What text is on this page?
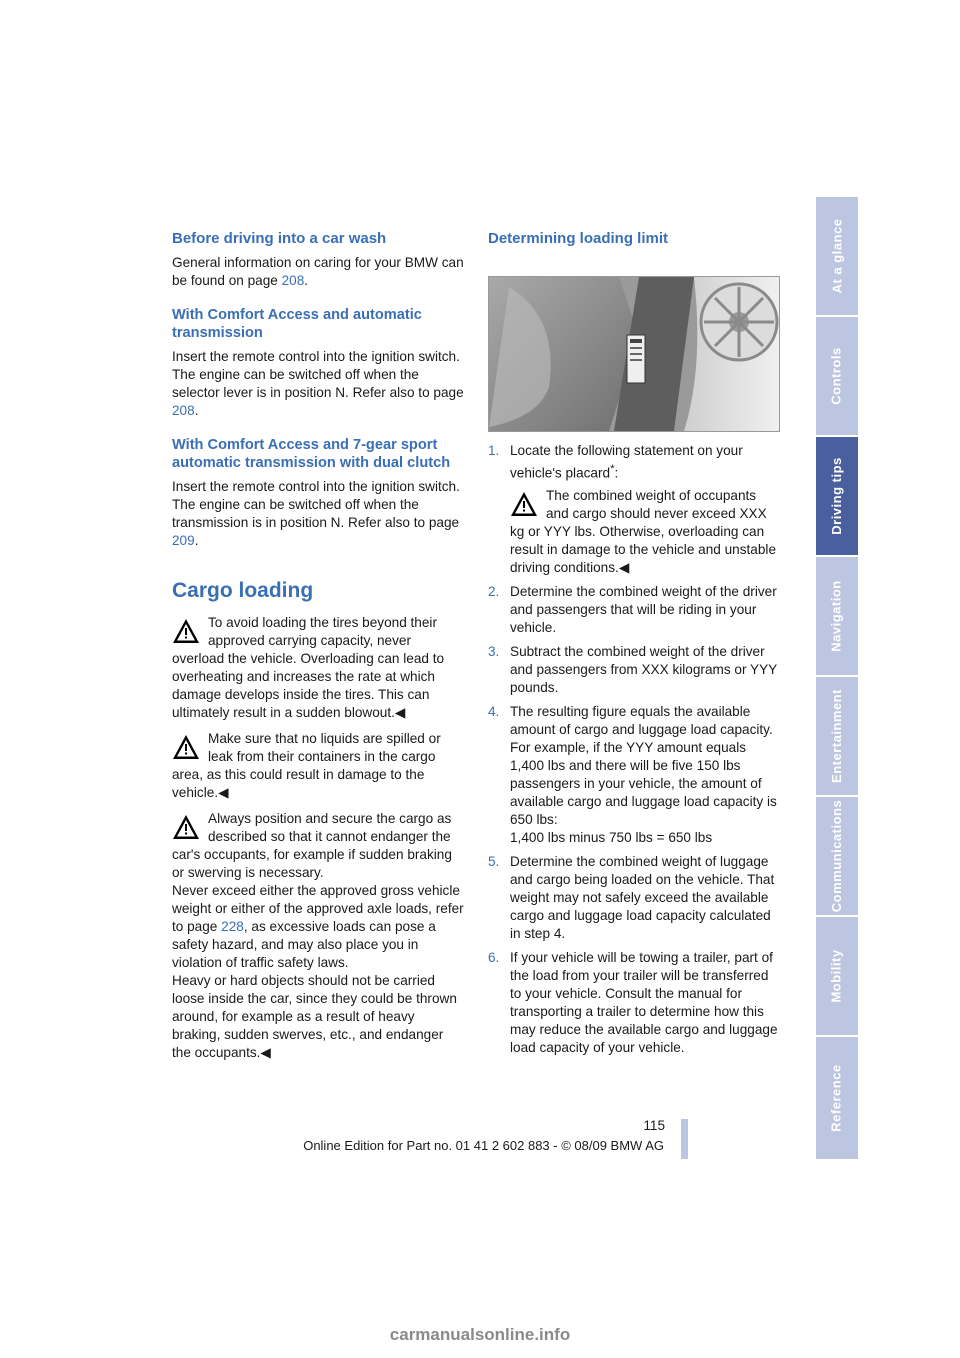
Before driving into a car wash

General information on caring for your BMW can be found on page 208.

With Comfort Access and automatic transmission

Insert the remote control into the ignition switch.

The engine can be switched off when the selector lever is in position N. Refer also to page 208.

With Comfort Access and 7-gear sport automatic transmission with dual clutch

Insert the remote control into the ignition switch.

The engine can be switched off when the transmission is in position N. Refer also to page 209.

Cargo loading

To avoid loading the tires beyond their approved carrying capacity, never overload the vehicle. Overloading can lead to overheating and increases the rate at which damage develops inside the tires. This can ultimately result in a sudden blowout.◀

Make sure that no liquids are spilled or leak from their containers in the cargo area, as this could result in damage to the vehicle.◀

Always position and secure the cargo as described so that it cannot endanger the car's occupants, for example if sudden braking or swerving is necessary.

Never exceed either the approved gross vehicle weight or either of the approved axle loads, refer to page 228, as excessive loads can pose a safety hazard, and may also place you in violation of traffic safety laws.

Heavy or hard objects should not be carried loose inside the car, since they could be thrown around, for example as a result of heavy braking, sudden swerves, etc., and endanger the occupants.◀

Determining loading limit
1. Locate the following statement on your vehicle's placard*:

The combined weight of occupants and cargo should never exceed XXX kg or YYY lbs. Otherwise, overloading can result in damage to the vehicle and unstable driving conditions.◀

2. Determine the combined weight of the driver and passengers that will be riding in your vehicle.
3. Subtract the combined weight of the driver and passengers from XXX kilograms or YYY pounds.
4. The resulting figure equals the available amount of cargo and luggage load capacity. For example, if the YYY amount equals 1,400 lbs and there will be five 150 lbs passengers in your vehicle, the amount of available cargo and luggage load capacity is 650 lbs:

1,400 lbs minus 750 lbs = 650 lbs

5. Determine the combined weight of luggage and cargo being loaded on the vehicle. That weight may not safely exceed the available cargo and luggage load capacity calculated in step 4.
6. If your vehicle will be towing a trailer, part of the load from your trailer will be transferred to your vehicle. Consult the manual for transporting a trailer to determine how this may reduce the available cargo and luggage load capacity of your vehicle.
At a glance
Controls
Driving tips
Navigation
Entertainment
Communications
Mobility
Reference
115
Online Edition for Part no. 01 41 2 602 883 - © 08/09 BMW AG
carmanualsonline.info
